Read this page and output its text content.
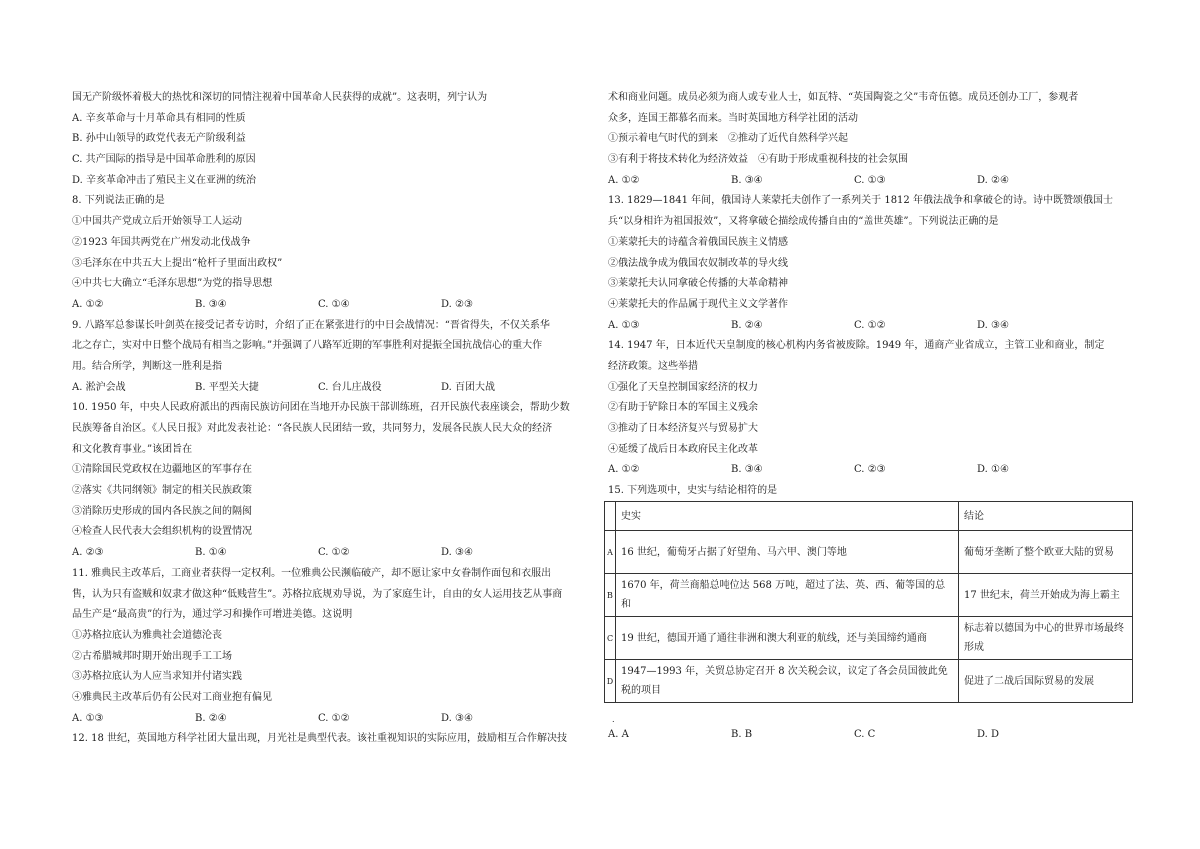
国无产阶级怀着极大的热忱和深切的同情注视着中国革命人民获得的成就”。这表明，列宁认为
A. 辛亥革命与十月革命具有相同的性质
B. 孙中山领导的政党代表无产阶级利益
C. 共产国际的指导是中国革命胜利的原因
D. 辛亥革命冲击了殖民主义在亚洲的统治
8. 下列说法正确的是
①中国共产党成立后开始领导工人运动
②1923 年国共两党在广州发动北伐战争
③毛泽东在中共五大上提出“枪杆子里面出政权”
④中共七大确立“毛泽东思想”为党的指导思想
A. ①②	B. ③④	C. ①④	D. ②③
9. 八路军总参谋长叶剑英在接受记者专访时，介绍了正在紧张进行的中日会战情况：“晋省得失，不仅关系华
北之存亡，实对中日整个战局有相当之影响。”并强调了八路军近期的军事胜利对提振全国抗战信心的重大作
用。结合所学，判断这一胜利是指
A. 淞沪会战	B. 平型关大捷	C. 台儿庄战役	D. 百团大战
10. 1950 年，中央人民政府派出的西南民族访问团在当地开办民族干部训练班，召开民族代表座谈会，帮助少数
民族筹备自治区。《人民日报》对此发表社论：“各民族人民团结一致，共同努力，发展各民族人民大众的经济
和文化教育事业。”该团旨在
①清除国民党政权在边疆地区的军事存在
②落实《共同纲领》制定的相关民族政策
③消除历史形成的国内各民族之间的隔阂
④检查人民代表大会组织机构的设置情况
A. ②③	B. ①④	C. ①②	D. ③④
11. 雅典民主改革后，工商业者获得一定权利。一位雅典公民濒临破产，却不愿让家中女眷制作面包和衣服出
售，认为只有盗贼和奴隶才做这种“低贱营生”。苏格拉底规劝导说，为了家庭生计，自由的女人运用技艺从事商
品生产是“最高贵”的行为，通过学习和操作可增进美德。这说明
①苏格拉底认为雅典社会道德沦丧
②古希腊城邦时期开始出现手工工场
③苏格拉底认为人应当求知并付诸实践
④雅典民主改革后仍有公民对工商业抱有偏见
A. ①③	B. ②④	C. ①②	D. ③④
12. 18 世纪，英国地方科学社团大量出现，月光社是典型代表。该社重视知识的实际应用，鼓励相互合作解决技
术和商业问题。成员必须为商人或专业人士，如瓦特、“英国陶瓷之父”韦奇伍德。成员还创办工厂，参观者
众多，连国王都慕名而来。当时英国地方科学社团的活动
①预示着电气时代的到来　②推动了近代自然科学兴起
③有利于将技术转化为经济效益　④有助于形成重视科技的社会氛围
A. ①②	B. ③④	C. ①③	D. ②④
13. 1829—1841 年间，俄国诗人莱蒙托夫创作了一系列关于 1812 年俄法战争和拿破仑的诗。诗中既赞颂俄国士
兵“以身相许为祖国报效”，又将拿破仑描绘成传播自由的“盖世英雄”。下列说法正确的是
①莱蒙托夫的诗蕴含着俄国民族主义情感
②俄法战争成为俄国农奴制改革的导火线
③莱蒙托夫认同拿破仑传播的大革命精神
④莱蒙托夫的作品属于现代主义文学著作
A. ①③	B. ②④	C. ①②	D. ③④
14. 1947 年，日本近代天皇制度的核心机构内务省被废除。1949 年，通商产业省成立，主管工业和商业，制定
经济政策。这些举措
①强化了天皇控制国家经济的权力
②有助于铲除日本的军国主义残余
③推动了日本经济复兴与贸易扩大
④延缓了战后日本政府民主化改革
A. ①②	B. ③④	C. ②③	D. ①④
15. 下列选项中，史实与结论相符的是
	史实	结论
A	16 世纪，葡萄牙占据了好望角、马六甲、澳门等地	葡萄牙垄断了整个欧亚大陆的贸易
B	1670 年，荷兰商船总吨位达 568 万吨，超过了法、英、西、葡等国的总和	17 世纪末，荷兰开始成为海上霸主
C	19 世纪，德国开通了通往非洲和澳大利亚的航线，还与美国缔约通商	标志着以德国为中心的世界市场最终形成
D	1947—1993 年，关贸总协定召开 8 次关税会议，议定了各会员国彼此免税的项目	促进了二战后国际贸易的发展
.
A. A	B. B	C. C	D. D
